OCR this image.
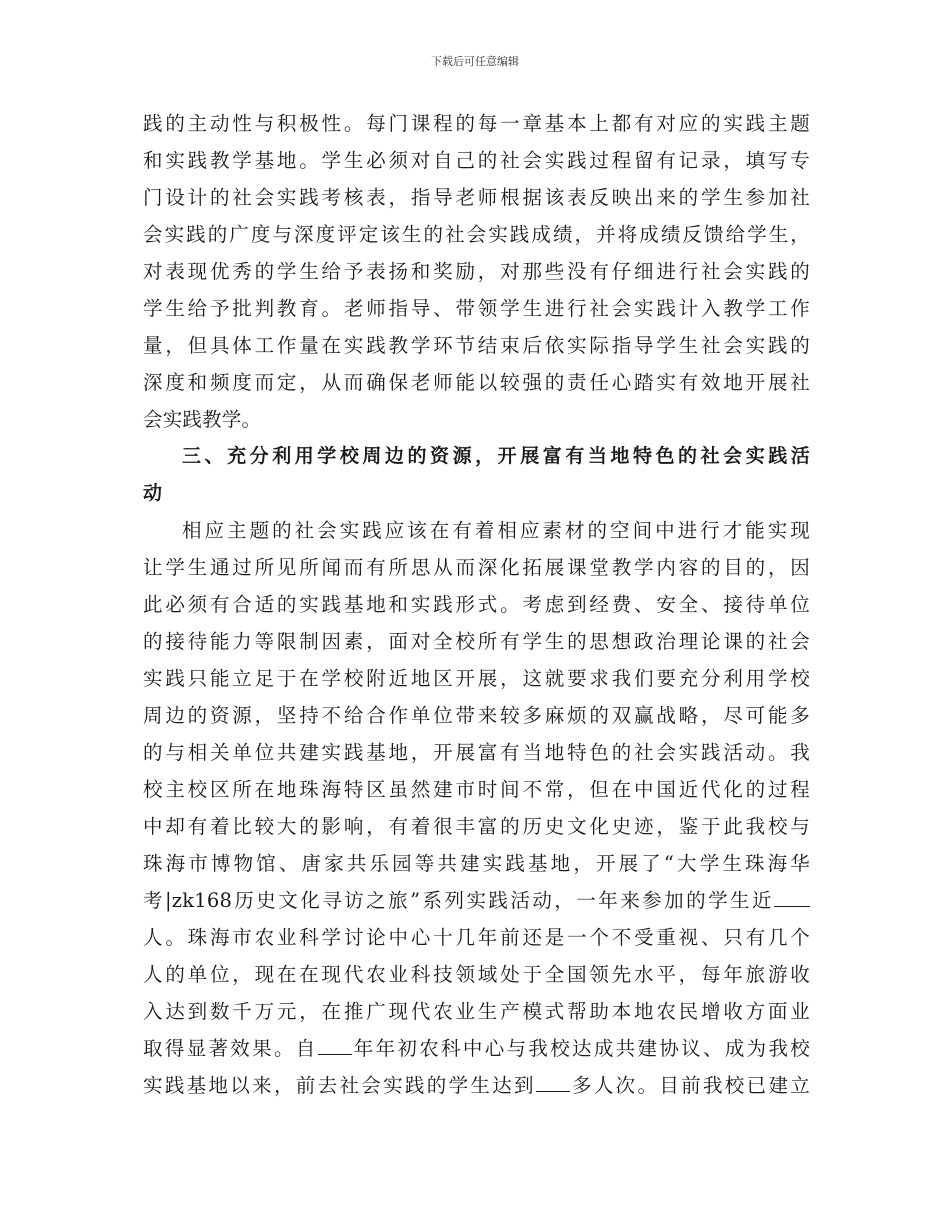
下载后可任意编辑
践的主动性与积极性。每门课程的每一章基本上都有对应的实践主题
和实践教学基地。学生必须对自己的社会实践过程留有记录，填写专
门设计的社会实践考核表，指导老师根据该表反映出来的学生参加社
会实践的广度与深度评定该生的社会实践成绩，并将成绩反馈给学生，
对表现优秀的学生给予表扬和奖励，对那些没有仔细进行社会实践的
学生给予批判教育。老师指导、带领学生进行社会实践计入教学工作
量，但具体工作量在实践教学环节结束后依实际指导学生社会实践的
深度和频度而定，从而确保老师能以较强的责任心踏实有效地开展社
会实践教学。
三、充分利用学校周边的资源，开展富有当地特色的社会实践活
动
相应主题的社会实践应该在有着相应素材的空间中进行才能实现
让学生通过所见所闻而有所思从而深化拓展课堂教学内容的目的，因
此必须有合适的实践基地和实践形式。考虑到经费、安全、接待单位
的接待能力等限制因素，面对全校所有学生的思想政治理论课的社会
实践只能立足于在学校附近地区开展，这就要求我们要充分利用学校
周边的资源，坚持不给合作单位带来较多麻烦的双赢战略，尽可能多
的与相关单位共建实践基地，开展富有当地特色的社会实践活动。我
校主校区所在地珠海特区虽然建市时间不常，但在中国近代化的过程
中却有着比较大的影响，有着很丰富的历史文化史迹，鉴于此我校与
珠海市博物馆、唐家共乐园等共建实践基地，开展了“大学生珠海华
考|zk168历史文化寻访之旅”系列实践活动，一年来参加的学生近
人。珠海市农业科学讨论中心十几年前还是一个不受重视、只有几个
人的单位，现在在现代农业科技领域处于全国领先水平，每年旅游收
入达到数千万元，在推广现代农业生产模式帮助本地农民增收方面业
取得显著效果。自 年年初农科中心与我校达成共建协议、成为我校
实践基地以来，前去社会实践的学生达到 多人次。目前我校已建立
